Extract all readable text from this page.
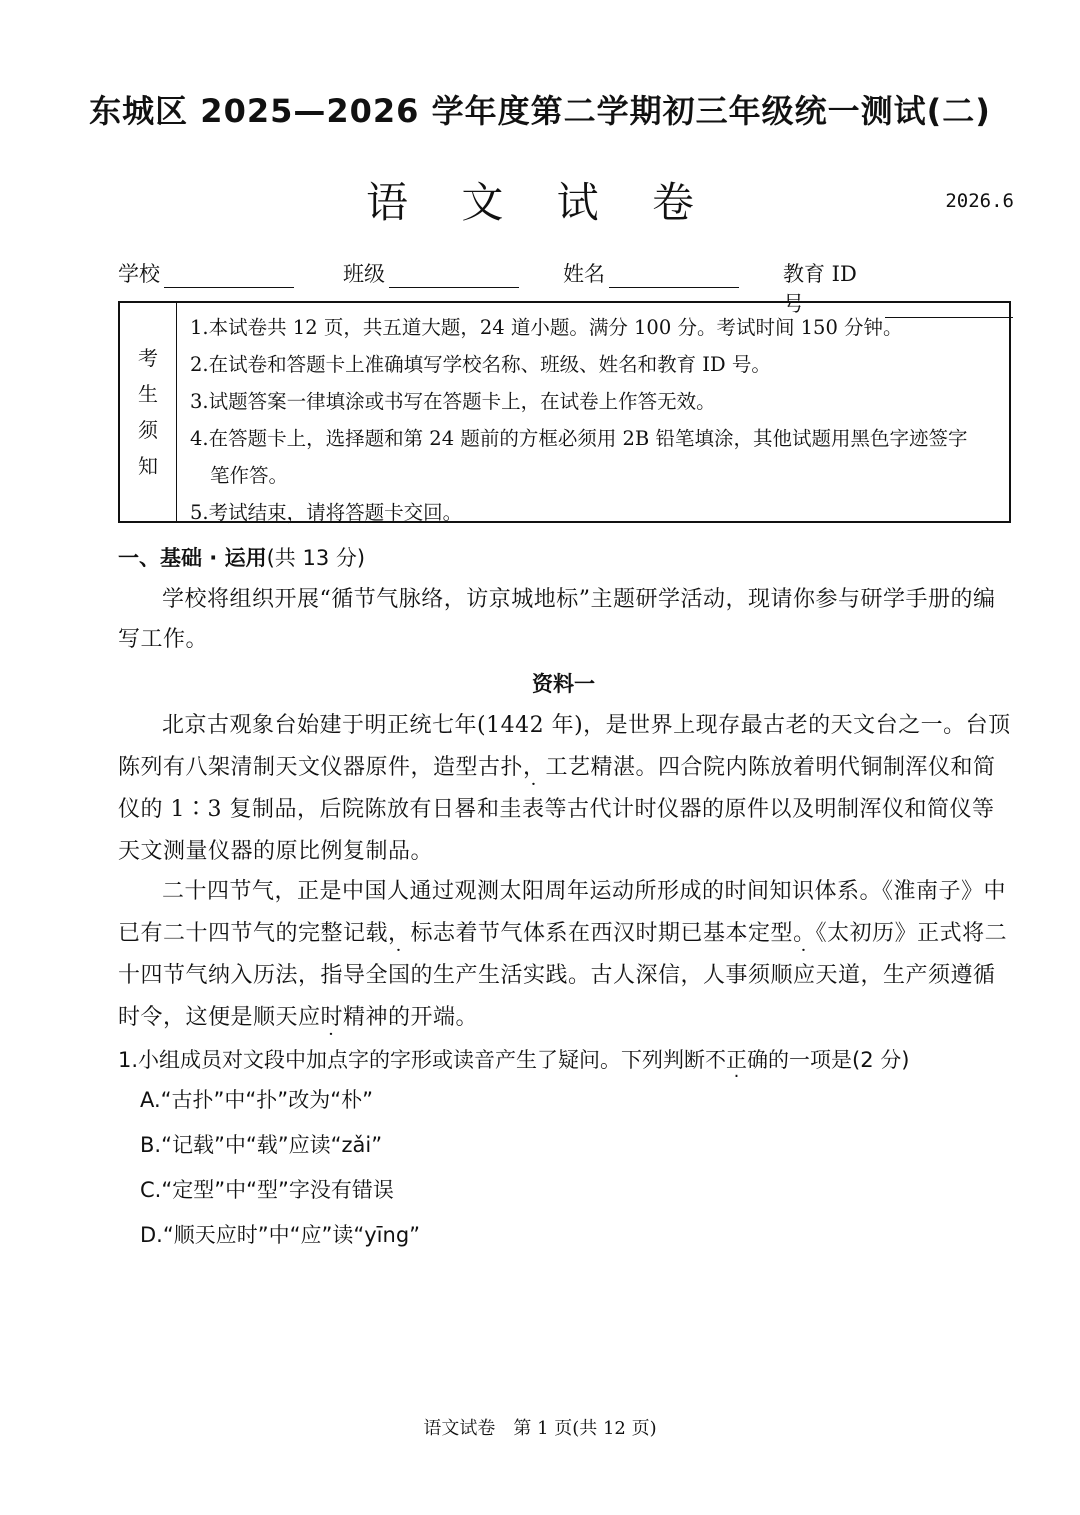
东城区 2025—2026 学年度第二学期初三年级统一测试(二)
语 文 试 卷	2026.6
学校	班级	姓名	教育 ID 号
考
生
须
知
1.本试卷共 12 页，共五道大题，24 道小题。满分 100 分。考试时间 150 分钟。
2.在试卷和答题卡上准确填写学校名称、班级、姓名和教育 ID 号。
3.试题答案一律填涂或书写在答题卡上，在试卷上作答无效。
4.在答题卡上，选择题和第 24 题前的方框必须用 2B 铅笔填涂，其他试题用黑色字迹签字
笔作答。
5.考试结束，请将答题卡交回。
一、基础 · 运用(共 13 分)
学校将组织开展“循节气脉络，访京城地标”主题研学活动，现请你参与研学手册的编写工作。
资料一
北京古观象台始建于明正统七年(1442 年)，是世界上现存最古老的天文台之一。台顶陈列有八架清制天文仪器原件，造型古扑，工艺精湛。四合院内陈放着明代铜制浑仪和简仪的 1∶3 复制品，后院陈放有日晷和圭表等古代计时仪器的原件以及明制浑仪和简仪等天文测量仪器的原比例复制品。
二十四节气，正是中国人通过观测太阳周年运动所形成的时间知识体系。《淮南子》中已有二十四节气的完整记载，标志着节气体系在西汉时期已基本定型。《太初历》正式将二十四节气纳入历法，指导全国的生产生活实践。古人深信，人事须顺应天道，生产须遵循时令，这便是顺天应时精神的开端。
1.小组成员对文段中加点字的字形或读音产生了疑问。下列判断不正确的一项是(2 分)
A.“古扑”中“扑”改为“朴”
B.“记载”中“载”应读“zǎi”
C.“定型”中“型”字没有错误
D.“顺天应时”中“应”读“yīng”
语文试卷　第 1 页(共 12 页)
